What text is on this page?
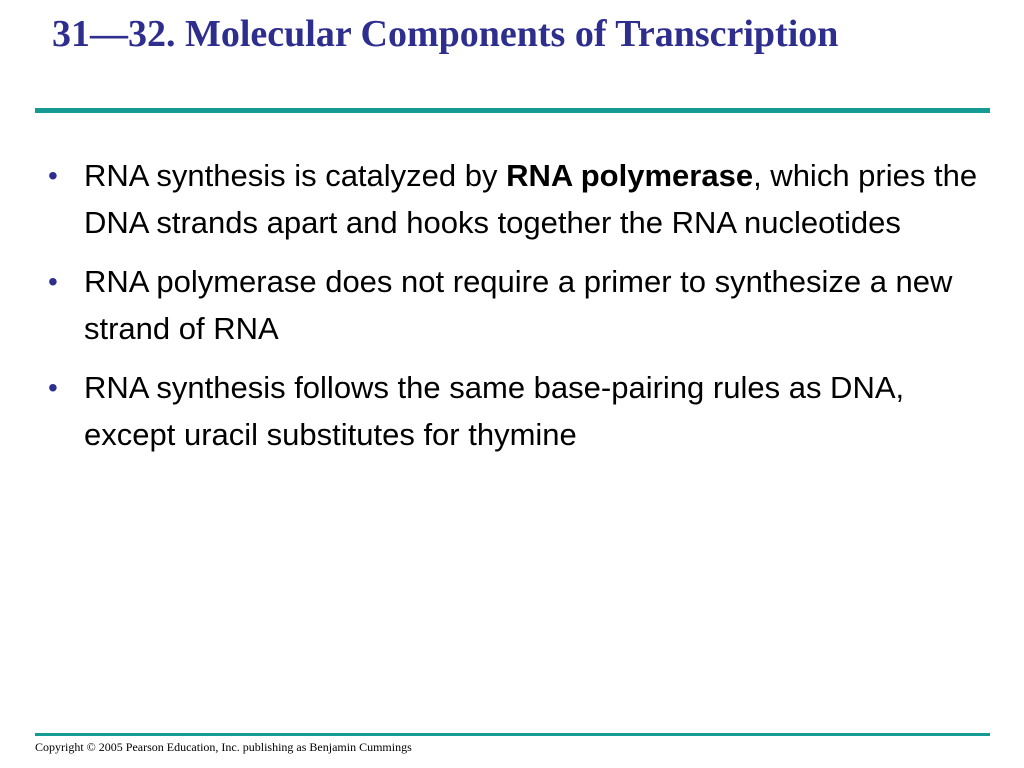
31—32. Molecular Components of Transcription
• RNA synthesis is catalyzed by RNA polymerase, which pries the DNA strands apart and hooks together the RNA nucleotides
• RNA polymerase does not require a primer to synthesize a new strand of RNA
• RNA synthesis follows the same base-pairing rules as DNA, except uracil substitutes for thymine
Copyright © 2005 Pearson Education, Inc. publishing as Benjamin Cummings
